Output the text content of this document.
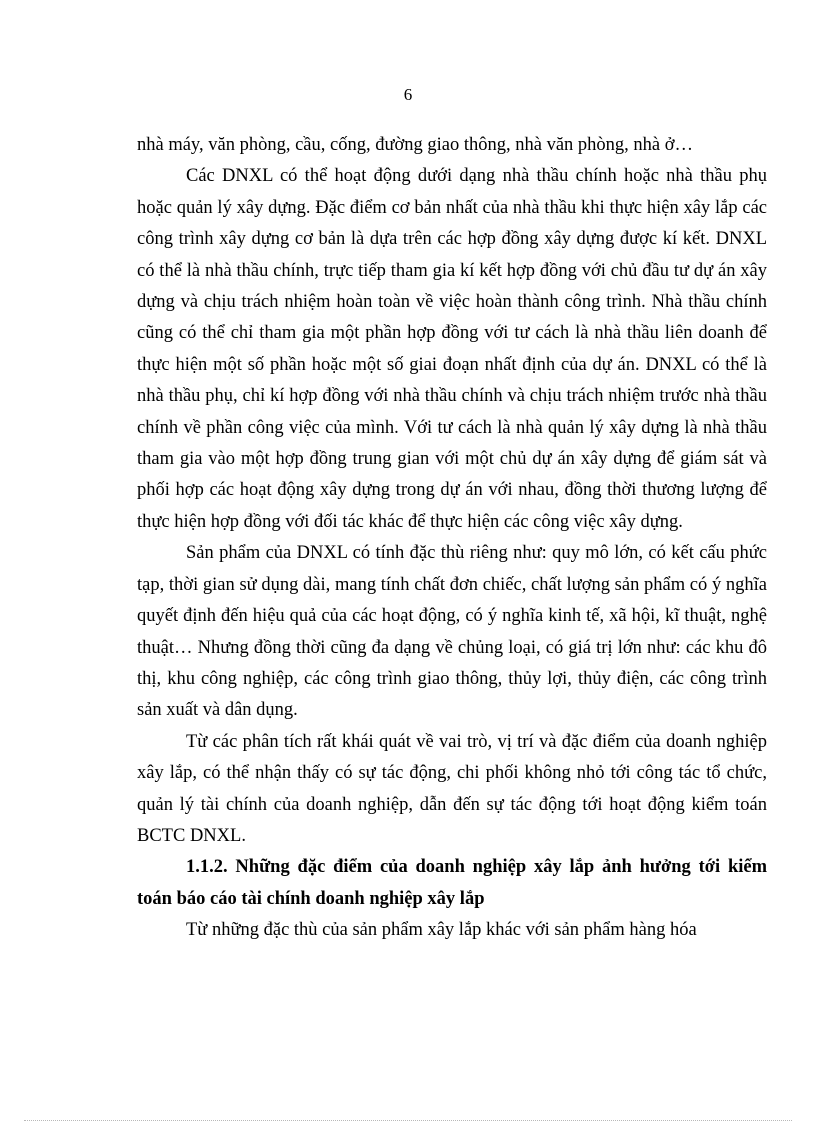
6

nhà máy, văn phòng, cầu, cống, đường giao thông, nhà văn phòng, nhà ở…

Các DNXL có thể hoạt động dưới dạng nhà thầu chính hoặc nhà thầu phụ hoặc quản lý xây dựng. Đặc điểm cơ bản nhất của nhà thầu khi thực hiện xây lắp các công trình xây dựng cơ bản là dựa trên các hợp đồng xây dựng được kí kết. DNXL có thể là nhà thầu chính, trực tiếp tham gia kí kết hợp đồng với chủ đầu tư dự án xây dựng và chịu trách nhiệm hoàn toàn về việc hoàn thành công trình. Nhà thầu chính cũng có thể chỉ tham gia một phần hợp đồng với tư cách là nhà thầu liên doanh để thực hiện một số phần hoặc một số giai đoạn nhất định của dự án. DNXL có thể là nhà thầu phụ, chỉ kí hợp đồng với nhà thầu chính và chịu trách nhiệm trước nhà thầu chính về phần công việc của mình. Với tư cách là nhà quản lý xây dựng là nhà thầu tham gia vào một hợp đồng trung gian với một chủ dự án xây dựng để giám sát và phối hợp các hoạt động xây dựng trong dự án với nhau, đồng thời thương lượng để thực hiện hợp đồng với đối tác khác để thực hiện các công việc xây dựng.

Sản phẩm của DNXL có tính đặc thù riêng như: quy mô lớn, có kết cấu phức tạp, thời gian sử dụng dài, mang tính chất đơn chiếc, chất lượng sản phẩm có ý nghĩa quyết định đến hiệu quả của các hoạt động, có ý nghĩa kinh tế, xã hội, kĩ thuật, nghệ thuật… Nhưng đồng thời cũng đa dạng về chủng loại, có giá trị lớn như: các khu đô thị, khu công nghiệp, các công trình giao thông, thủy lợi, thủy điện, các công trình sản xuất và dân dụng.

Từ các phân tích rất khái quát về vai trò, vị trí và đặc điểm của doanh nghiệp xây lắp, có thể nhận thấy có sự tác động, chi phối không nhỏ tới công tác tổ chức, quản lý tài chính của doanh nghiệp, dẫn đến sự tác động tới hoạt động kiểm toán BCTC DNXL.

1.1.2. Những đặc điểm của doanh nghiệp xây lắp ảnh hưởng tới kiểm toán báo cáo tài chính doanh nghiệp xây lắp

Từ những đặc thù của sản phẩm xây lắp khác với sản phẩm hàng hóa
